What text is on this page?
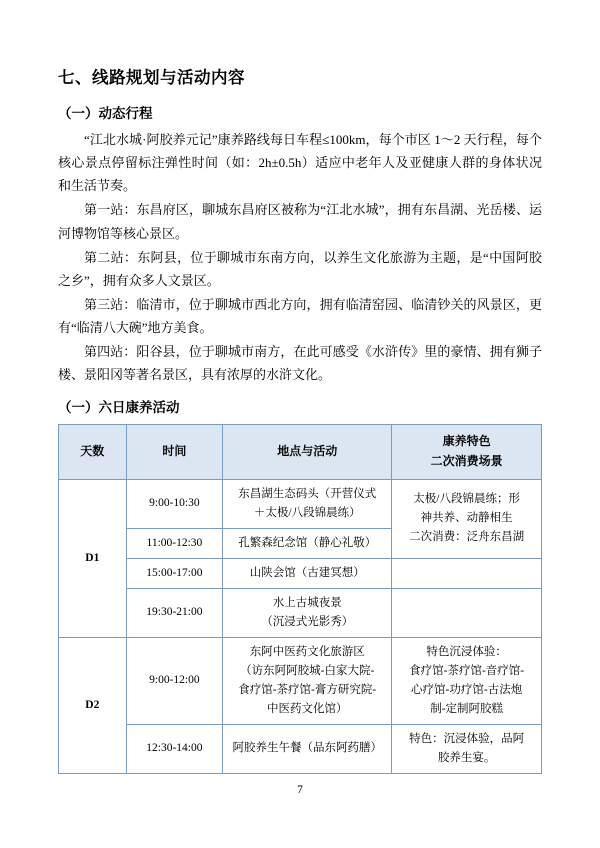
七、线路规划与活动内容
（一）动态行程

“江北水城·阿胶养元记”康养路线每日车程≤100km，每个市区 1～2 天行程，每个核心景点停留标注弹性时间（如：2h±0.5h）适应中老年人及亚健康人群的身体状况和生活节奏。

第一站：东昌府区，聊城东昌府区被称为“江北水城”，拥有东昌湖、光岳楼、运河博物馆等核心景区。

第二站：东阿县，位于聊城市东南方向，以养生文化旅游为主题，是“中国阿胶之乡”，拥有众多人文景区。

第三站：临清市，位于聊城市西北方向，拥有临清窑园、临清钞关的风景区，更有“临清八大碗”地方美食。

第四站：阳谷县，位于聊城市南方，在此可感受《水浒传》里的豪情、拥有狮子楼、景阳冈等著名景区，具有浓厚的水浒文化。

（一）六日康养活动
天数	时间	地点与活动	康养特色
二次消费场景

D1	9:00-10:30	东昌湖生态码头（开营仪式
＋太极/八段锦晨练）	太极/八段锦晨练；形
神共养、动静相生
二次消费：泛舟东昌湖

	11:00-12:30	孔繁森纪念馆（静心礼敬）	

	15:00-17:00	山陕会馆（古建冥想）	

	19:30-21:00	水上古城夜景
（沉浸式光影秀）	

D2	9:00-12:00	东阿中医药文化旅游区
（访东阿阿胶城-白家大院-
食疗馆-茶疗馆-膏方研究院-
中医药文化馆）	特色沉浸体验：
食疗馆-茶疗馆-音疗馆-
心疗馆-功疗馆-古法炮
制-定制阿胶糕

	12:30-14:00	阿胶养生午餐（品东阿药膳）	特色：沉浸体验，品阿
胶养生宴。
7
